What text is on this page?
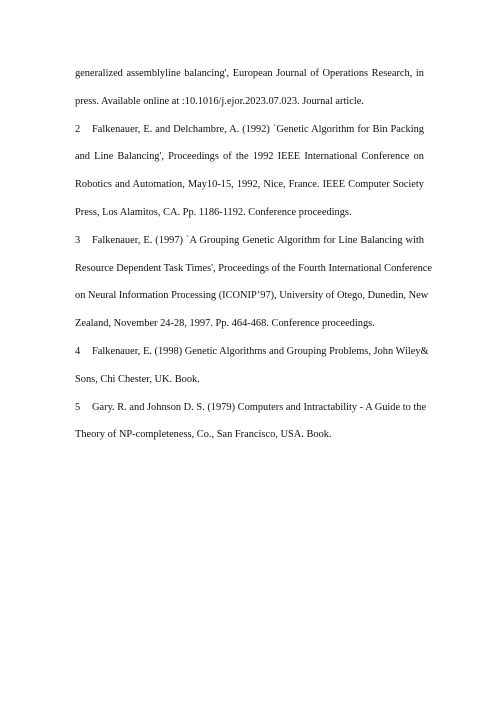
generalized assemblyline balancing', European Journal of Operations Research, in
press. Available online at :10.1016/j.ejor.2023.07.023. Journal article.
2 Falkenauer, E. and Delchambre, A. (1992) `Genetic Algorithm for Bin Packing
and Line Balancing', Proceedings of the 1992 IEEE International Conference on
Robotics and Automation, May10-15, 1992, Nice, France. IEEE Computer Society
Press, Los Alamitos, CA. Pp. 1186-1192. Conference proceedings.
3 Falkenauer, E. (1997) `A Grouping Genetic Algorithm for Line Balancing with
Resource Dependent Task Times', Proceedings of the Fourth International Conference
on Neural Information Processing (ICONIP’97), University of Otego, Dunedin, New
Zealand, November 24-28, 1997. Pp. 464-468. Conference proceedings.
4 Falkenauer, E. (1998) Genetic Algorithms and Grouping Problems, John Wiley&
Sons, Chi Chester, UK. Book.
5 Gary. R. and Johnson D. S. (1979) Computers and Intractability - A Guide to the
Theory of NP-completeness, Co., San Francisco, USA. Book.
